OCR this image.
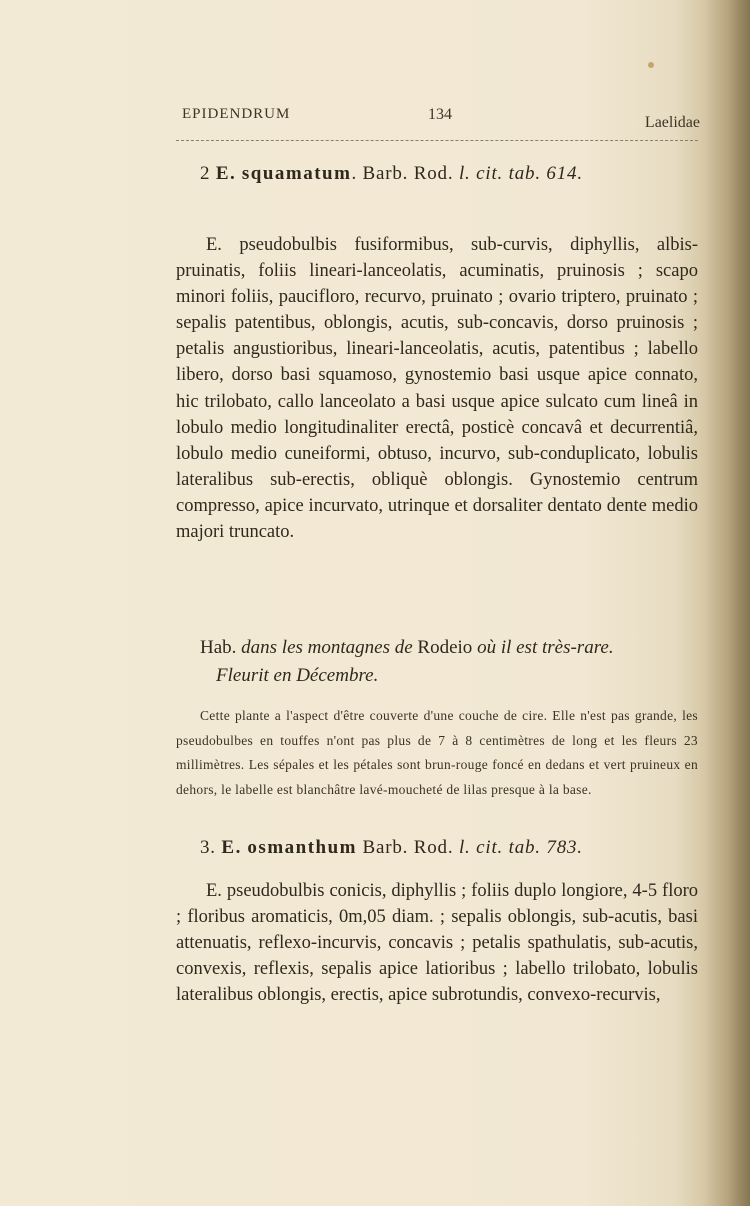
EPIDENDRUM	134	Laelidae
2 E. squamatum. Barb. Rod. l. cit. tab. 614.
E. pseudobulbis fusiformibus, sub-curvis, diphyllis, albis-pruinatis, foliis lineari-lanceolatis, acuminatis, pruinosis ; scapo minori foliis, paucifloro, recurvo, pruinato ; ovario triptero, pruinato ; sepalis patentibus, oblongis, acutis, sub-concavis, dorso pruinosis ; petalis angustioribus, lineari-lanceolatis, acutis, patentibus ; labello libero, dorso basi squamoso, gynostemio basi usque apice connato, hic trilobato, callo lanceolato a basi usque apice sulcato cum lineâ in lobulo medio longitudinaliter erectâ, posticè concavâ et decurrentiâ, lobulo medio cuneiformi, obtuso, incurvo, sub-conduplicato, lobulis lateralibus sub-erectis, obliquè oblongis. Gynostemio centrum compresso, apice incurvato, utrinque et dorsaliter dentato dente medio majori truncato.
Hab. dans les montagnes de Rodeio où il est très-rare.
Fleurit en Décembre.
Cette plante a l'aspect d'être couverte d'une couche de cire. Elle n'est pas grande, les pseudobulbes en touffes n'ont pas plus de 7 à 8 centimètres de long et les fleurs 23 millimètres. Les sépales et les pétales sont brun-rouge foncé en dedans et vert pruineux en dehors, le labelle est blanchâtre lavé-moucheté de lilas presque à la base.
3. E. osmanthum Barb. Rod. l. cit. tab. 783.
E. pseudobulbis conicis, diphyllis ; foliis duplo longiore, 4-5 floro ; floribus aromaticis, 0m,05 diam. ; sepalis oblongis, sub-acutis, basi attenuatis, reflexo-incurvis, concavis ; petalis spathulatis, sub-acutis, convexis, reflexis, sepalis apice latioribus ; labello trilobato, lobulis lateralibus oblongis, erectis, apice subrotundis, convexo-recurvis,
